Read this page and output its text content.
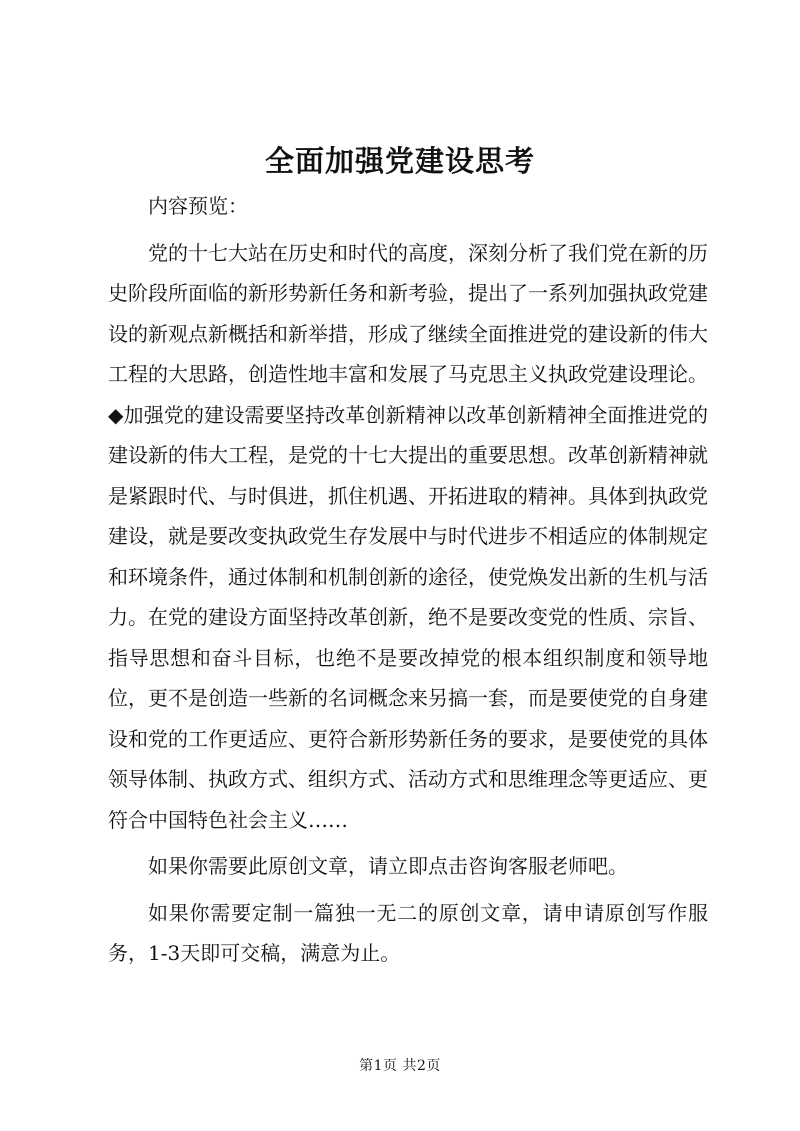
全面加强党建设思考

内容预览：

党的十七大站在历史和时代的高度，深刻分析了我们党在新的历史阶段所面临的新形势新任务和新考验，提出了一系列加强执政党建设的新观点新概括和新举措，形成了继续全面推进党的建设新的伟大工程的大思路，创造性地丰富和发展了马克思主义执政党建设理论。◆加强党的建设需要坚持改革创新精神以改革创新精神全面推进党的建设新的伟大工程，是党的十七大提出的重要思想。改革创新精神就是紧跟时代、与时俱进，抓住机遇、开拓进取的精神。具体到执政党建设，就是要改变执政党生存发展中与时代进步不相适应的体制规定和环境条件，通过体制和机制创新的途径，使党焕发出新的生机与活力。在党的建设方面坚持改革创新，绝不是要改变党的性质、宗旨、指导思想和奋斗目标，也绝不是要改掉党的根本组织制度和领导地位，更不是创造一些新的名词概念来另搞一套，而是要使党的自身建设和党的工作更适应、更符合新形势新任务的要求，是要使党的具体领导体制、执政方式、组织方式、活动方式和思维理念等更适应、更符合中国特色社会主义……

如果你需要此原创文章，请立即点击咨询客服老师吧。

如果你需要定制一篇独一无二的原创文章，请申请原创写作服务，1-3天即可交稿，满意为止。

第1页 共2页
